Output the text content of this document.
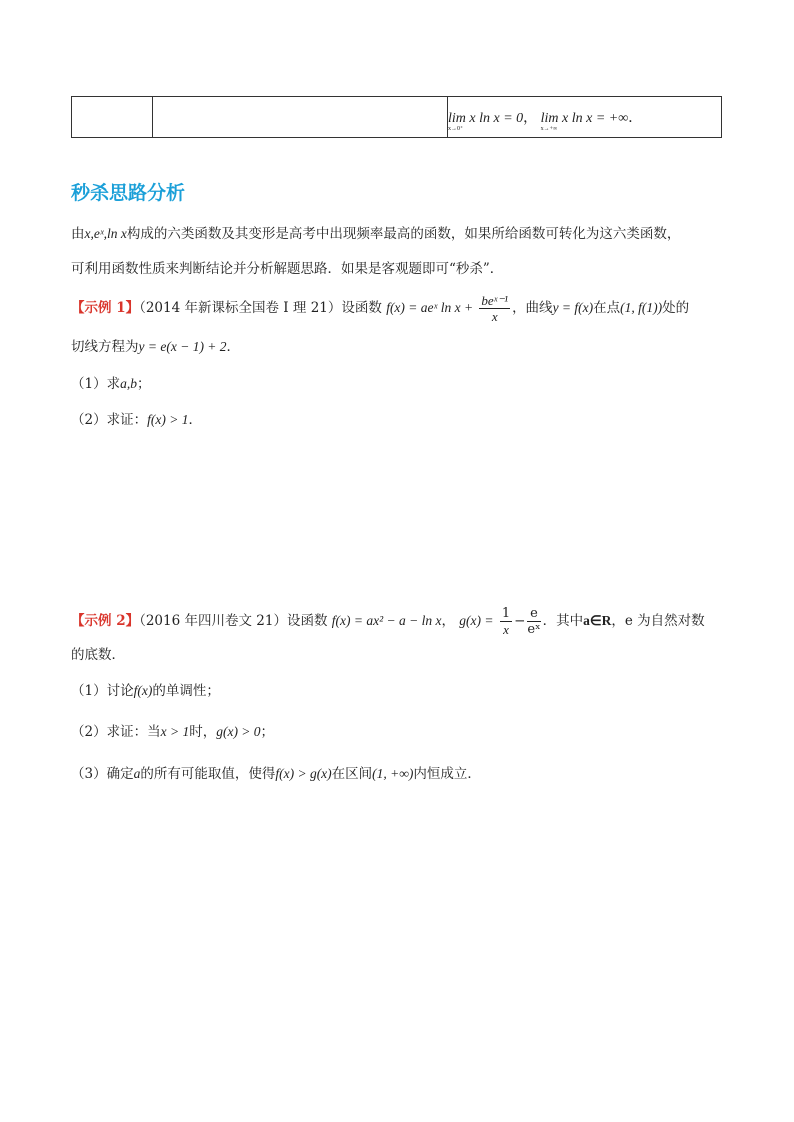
		lim x ln x = 0
x→0⁺
， lim x ln x = +∞
x→+∞
．
秒杀思路分析
由x,eˣ,ln x构成的六类函数及其变形是高考中出现频率最高的函数，如果所给函数可转化为这六类函数，
可利用函数性质来判断结论并分析解题思路．如果是客观题即可“秒杀”．
【示例 1】（2014 年新课标全国卷 I 理 21）设函数 f(x) = aeˣ $\ln x + \frac{\text{beˣ⁻¹}}{x}$ ，曲线y = f(x)在点(1, f(1))处的
切线方程为y = e(x − 1) + 2．
（1）求a,b；
（2）求证：f(x) > 1．
【示例 2】（2016 年四川卷文 21）设函数 f(x) = ax² − a − ln x， $g(x) = \frac{1}{x} - \frac{e}{\text{eˣ}}$ ．其中a∈R，e 为自然对数
的底数．
（1）讨论f(x)的单调性；
（2）求证：当x > 1时，g(x) > 0；
（3）确定a的所有可能取值，使得f(x) > g(x)在区间(1, +∞)内恒成立．
